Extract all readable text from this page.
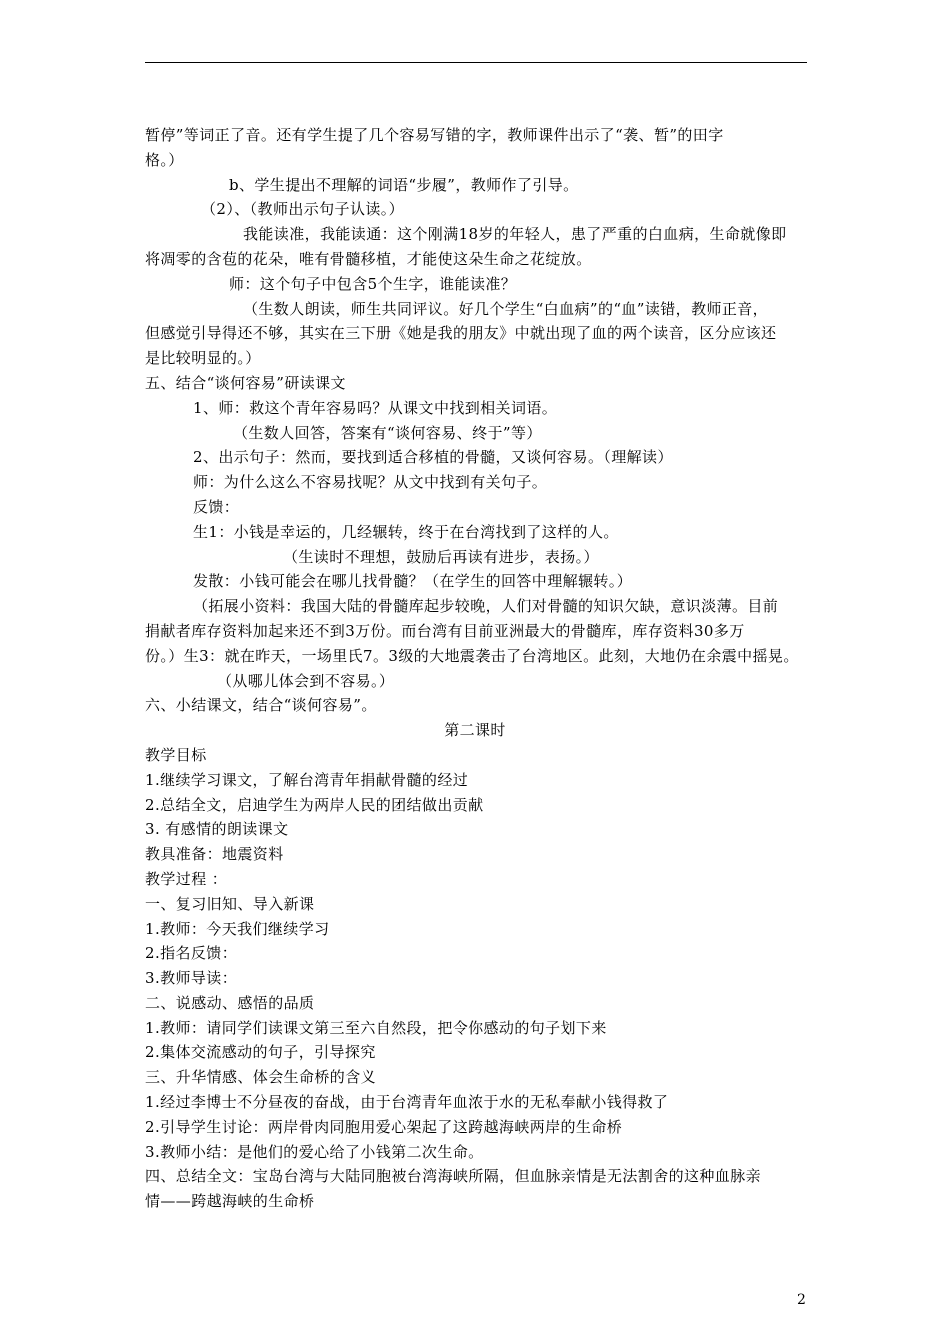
暂停”等词正了音。还有学生提了几个容易写错的字，教师课件出示了“袭、暂”的田字

格。）

b、学生提出不理解的词语“步履”，教师作了引导。

（2）、（教师出示句子认读。）

我能读准，我能读通：这个刚满18岁的年轻人，患了严重的白血病，生命就像即

将凋零的含苞的花朵，唯有骨髓移植，才能使这朵生命之花绽放。

师：这个句子中包含5个生字，谁能读准？

（生数人朗读，师生共同评议。好几个学生“白血病”的“血”读错，教师正音，

但感觉引导得还不够，其实在三下册《她是我的朋友》中就出现了血的两个读音，区分应该还

是比较明显的。）

五、结合“谈何容易”研读课文

1、师：救这个青年容易吗？从课文中找到相关词语。

（生数人回答，答案有“谈何容易、终于”等）

2、出示句子：然而，要找到适合移植的骨髓，又谈何容易。（理解读）

师：为什么这么不容易找呢？从文中找到有关句子。

反馈：

生1：小钱是幸运的，几经辗转，终于在台湾找到了这样的人。

（生读时不理想，鼓励后再读有进步，表扬。）

发散：小钱可能会在哪儿找骨髓？（在学生的回答中理解辗转。）

（拓展小资料：我国大陆的骨髓库起步较晚，人们对骨髓的知识欠缺，意识淡薄。目前

捐献者库存资料加起来还不到3万份。而台湾有目前亚洲最大的骨髓库，库存资料30多万

份。）生3：就在昨天，一场里氏7。3级的大地震袭击了台湾地区。此刻，大地仍在余震中摇晃。

（从哪儿体会到不容易。）

六、小结课文，结合“谈何容易”。

第二课时

教学目标

1.继续学习课文，了解台湾青年捐献骨髓的经过

2.总结全文，启迪学生为两岸人民的团结做出贡献

3. 有感情的朗读课文

教具准备：地震资料

教学过程 ：

一、复习旧知、导入新课

1.教师：今天我们继续学习

2.指名反馈：

3.教师导读：

二、说感动、感悟的品质

1.教师：请同学们读课文第三至六自然段，把令你感动的句子划下来

2.集体交流感动的句子，引导探究

三、升华情感、体会生命桥的含义

1.经过李博士不分昼夜的奋战，由于台湾青年血浓于水的无私奉献小钱得救了

2.引导学生讨论：两岸骨肉同胞用爱心架起了这跨越海峡两岸的生命桥

3.教师小结：是他们的爱心给了小钱第二次生命。

四、总结全文：宝岛台湾与大陆同胞被台湾海峡所隔，但血脉亲情是无法割舍的这种血脉亲

情——跨越海峡的生命桥

2
